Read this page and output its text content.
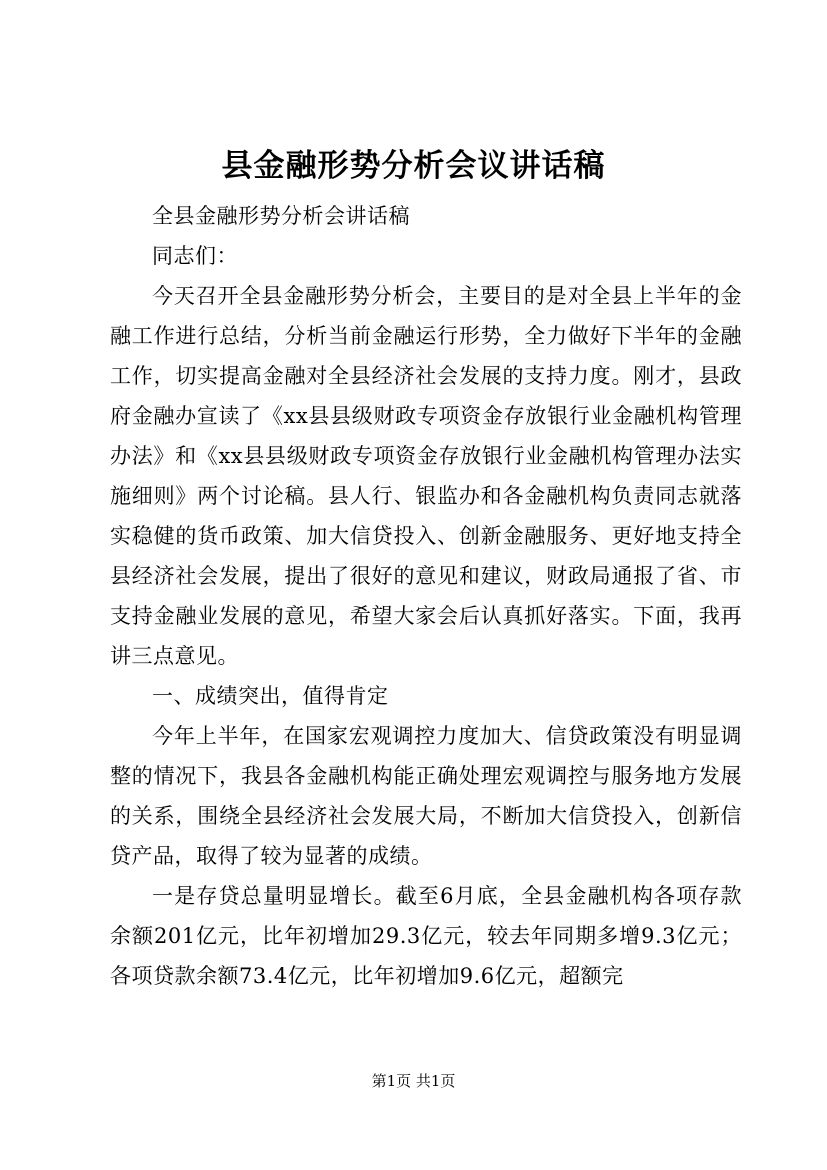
县金融形势分析会议讲话稿

全县金融形势分析会讲话稿

同志们：

今天召开全县金融形势分析会，主要目的是对全县上半年的金融工作进行总结，分析当前金融运行形势，全力做好下半年的金融工作，切实提高金融对全县经济社会发展的支持力度。刚才，县政府金融办宣读了《xx县县级财政专项资金存放银行业金融机构管理办法》和《xx县县级财政专项资金存放银行业金融机构管理办法实施细则》两个讨论稿。县人行、银监办和各金融机构负责同志就落实稳健的货币政策、加大信贷投入、创新金融服务、更好地支持全县经济社会发展，提出了很好的意见和建议，财政局通报了省、市支持金融业发展的意见，希望大家会后认真抓好落实。下面，我再讲三点意见。

一、成绩突出，值得肯定

今年上半年，在国家宏观调控力度加大、信贷政策没有明显调整的情况下，我县各金融机构能正确处理宏观调控与服务地方发展的关系，围绕全县经济社会发展大局，不断加大信贷投入，创新信贷产品，取得了较为显著的成绩。

一是存贷总量明显增长。截至6月底，全县金融机构各项存款余额201亿元，比年初增加29.3亿元，较去年同期多增9.3亿元；各项贷款余额73.4亿元，比年初增加9.6亿元，超额完

第1页 共1页
